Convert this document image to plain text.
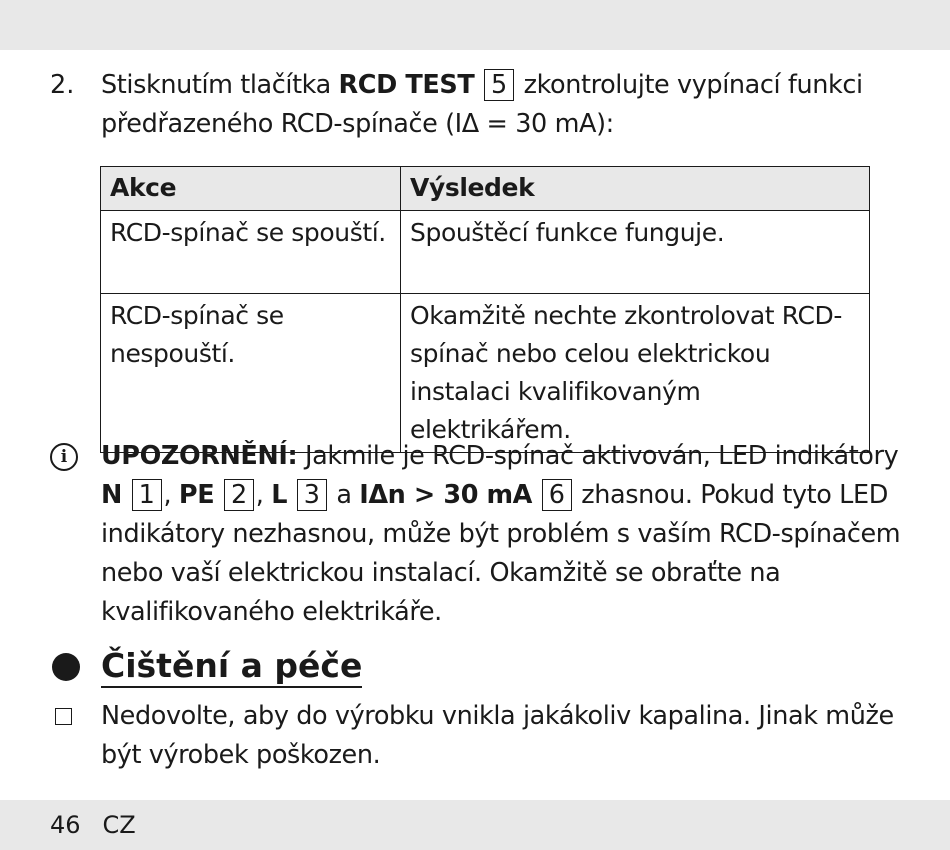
2. Stisknutím tlačítka RCD TEST 5 zkontrolujte vypínací funkci předřazeného RCD-spínače (IΔ = 30 mA):
Akce	Výsledek
RCD-spínač se spouští.	Spouštěcí funkce funguje.
RCD-spínač se nespouští.	Okamžitě nechte zkontrolovat RCD-spínač nebo celou elektrickou instalaci kvalifikovaným elektrikářem.
i	UPOZORNĚNÍ: Jakmile je RCD-spínač aktivován, LED indikátory N 1 , PE 2 , L 3 a IΔn > 30 mA 6 zhasnou. Pokud tyto LED indikátory nezhasnou, může být problém s vaším RCD-spínačem nebo vaší elektrickou instalací. Okamžitě se obraťte na kvalifikovaného elektrikáře.
Čištění a péče
Nedovolte, aby do výrobku vnikla jakákoliv kapalina. Jinak může být výrobek poškozen.
46 CZ
